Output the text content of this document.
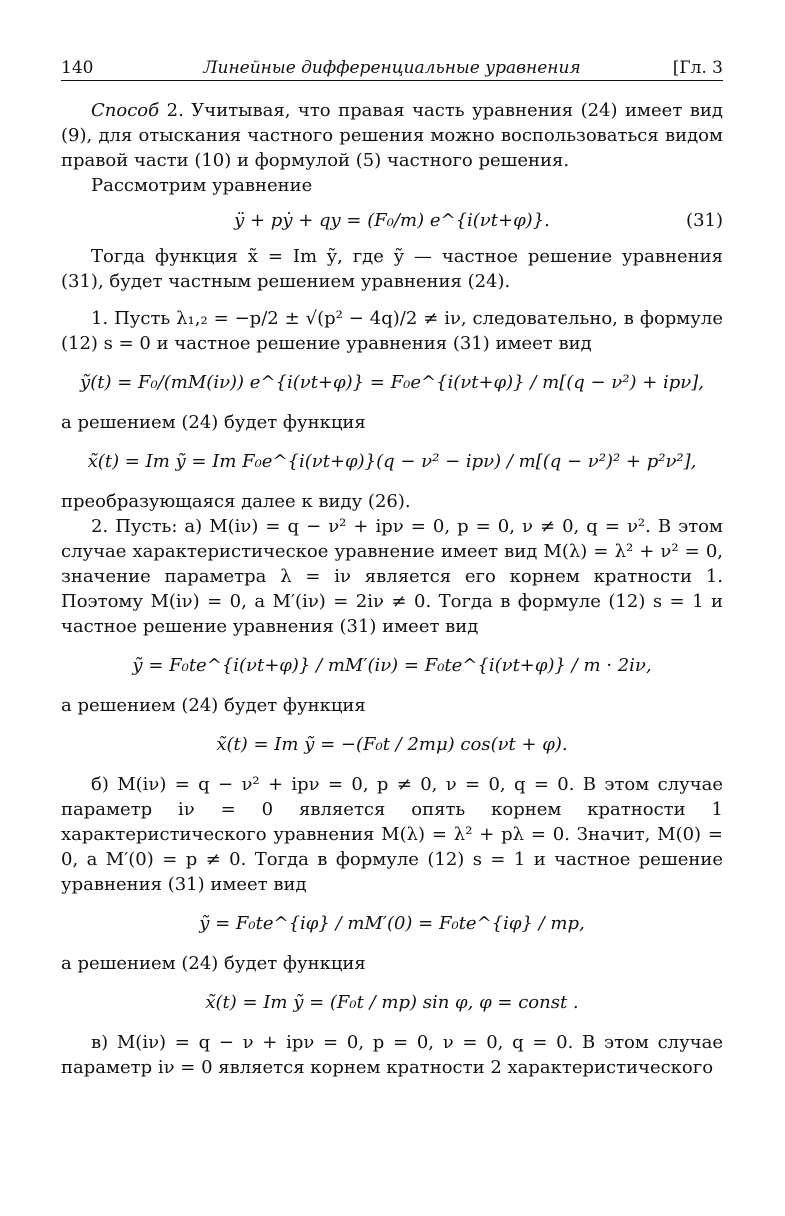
140	Линейные дифференциальные уравнения	[Гл. 3

Способ 2. Учитывая, что правая часть уравнения (24) имеет вид (9), для отыскания частного решения можно воспользоваться видом правой части (10) и формулой (5) частного решения.

Рассмотрим уравнение

ÿ + pẏ + qy = (F₀/m) e^{i(νt+φ)}.	(31)

Тогда функция x̃ = Im ỹ, где ỹ — частное решение уравнения (31), будет частным решением уравнения (24).

1. Пусть λ₁,₂ = −p/2 ± √(p² − 4q)/2 ≠ iν, следовательно, в формуле (12) s = 0 и частное решение уравнения (31) имеет вид

ỹ(t) = F₀/(mM(iν)) e^{i(νt+φ)} = F₀e^{i(νt+φ)} / m[(q − ν²) + ipν],

а решением (24) будет функция

x̃(t) = Im ỹ = Im F₀e^{i(νt+φ)}(q − ν² − ipν) / m[(q − ν²)² + p²ν²],

преобразующаяся далее к виду (26).

2. Пусть: а) M(iν) = q − ν² + ipν = 0, p = 0, ν ≠ 0, q = ν². В этом случае характеристическое уравнение имеет вид M(λ) = λ² + ν² = 0, значение параметра λ = iν является его корнем кратности 1. Поэтому M(iν) = 0, а M′(iν) = 2iν ≠ 0. Тогда в формуле (12) s = 1 и частное решение уравнения (31) имеет вид

ỹ = F₀te^{i(νt+φ)} / mM′(iν) = F₀te^{i(νt+φ)} / m · 2iν,

а решением (24) будет функция

x̃(t) = Im ỹ = −(F₀t / 2mμ) cos(νt + φ).

б) M(iν) = q − ν² + ipν = 0, p ≠ 0, ν = 0, q = 0. В этом случае параметр iν = 0 является опять корнем кратности 1 характеристического уравнения M(λ) = λ² + pλ = 0. Значит, M(0) = 0, а M′(0) = p ≠ 0. Тогда в формуле (12) s = 1 и частное решение уравнения (31) имеет вид

ỹ = F₀te^{iφ} / mM′(0) = F₀te^{iφ} / mp,

а решением (24) будет функция

x̃(t) = Im ỹ = (F₀t / mp) sin φ, φ = const .

в) M(iν) = q − ν + ipν = 0, p = 0, ν = 0, q = 0. В этом случае параметр iν = 0 является корнем кратности 2 характеристического
